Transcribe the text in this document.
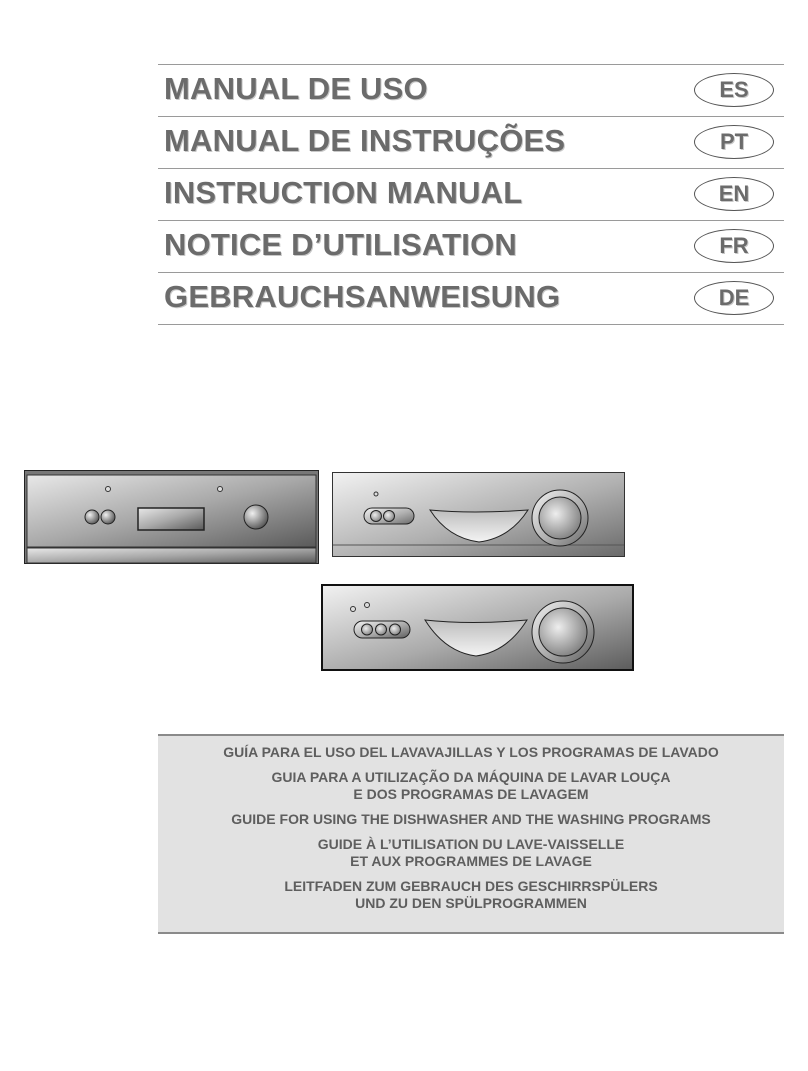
MANUAL DE USO	ES
MANUAL DE INSTRUÇÕES	PT
INSTRUCTION MANUAL	EN
NOTICE D’UTILISATION	FR
GEBRAUCHSANWEISUNG	DE
GUÍA PARA EL USO DEL LAVAVAJILLAS Y LOS PROGRAMAS DE LAVADO
GUIA PARA A UTILIZAÇÃO DA MÁQUINA DE LAVAR LOUÇA
E DOS PROGRAMAS DE LAVAGEM
GUIDE FOR USING THE DISHWASHER AND THE WASHING PROGRAMS
GUIDE À L’UTILISATION DU LAVE-VAISSELLE
ET AUX PROGRAMMES DE LAVAGE
LEITFADEN ZUM GEBRAUCH DES GESCHIRRSPÜLERS
UND ZU DEN SPÜLPROGRAMMEN
